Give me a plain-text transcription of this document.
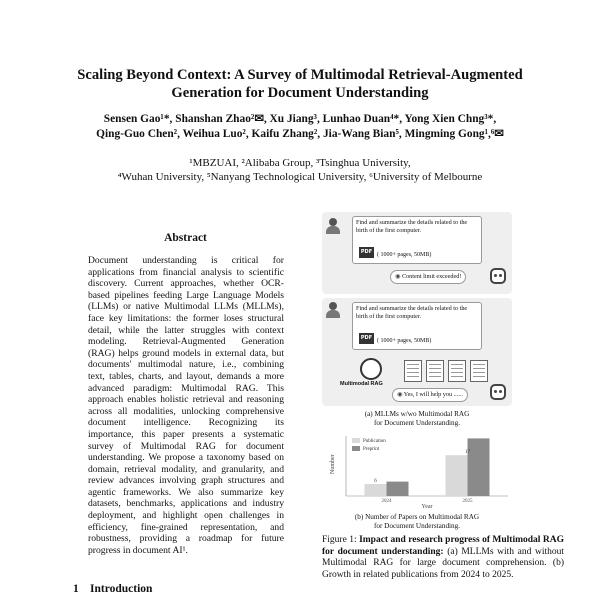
Scaling Beyond Context: A Survey of Multimodal Retrieval-Augmented
Generation for Document Understanding
Sensen Gao¹*, Shanshan Zhao²✉, Xu Jiang³, Lunhao Duan⁴*, Yong Xien Chng³*,
Qing-Guo Chen², Weihua Luo², Kaifu Zhang², Jia-Wang Bian⁵, Mingming Gong¹,⁶✉
¹MBZUAI, ²Alibaba Group, ³Tsinghua University,
⁴Wuhan University, ⁵Nanyang Technological University, ⁶University of Melbourne
Abstract
Document understanding is critical for applications from financial analysis to scientific discovery. Current approaches, whether OCR-based pipelines feeding Large Language Models (LLMs) or native Multimodal LLMs (MLLMs), face key limitations: the former loses structural detail, while the latter struggles with context modeling. Retrieval-Augmented Generation (RAG) helps ground models in external data, but documents' multimodal nature, i.e., combining text, tables, charts, and layout, demands a more advanced paradigm: Multimodal RAG. This approach enables holistic retrieval and reasoning across all modalities, unlocking comprehensive document intelligence. Recognizing its importance, this paper presents a systematic survey of Multimodal RAG for document understanding. We propose a taxonomy based on domain, retrieval modality, and granularity, and review advances involving graph structures and agentic frameworks. We also summarize key datasets, benchmarks, applications and industry deployment, and highlight open challenges in efficiency, fine-grained representation, and robustness, providing a roadmap for future progress in document AI¹.
1 Introduction
Find and summarize the details related to the birth of the first computer.
PDF ( 1000+ pages, 50MB)
◉ Content limit exceeded!
Find and summarize the details related to the birth of the first computer.
PDF ( 1000+ pages, 50MB)
Multimodal RAG
◉ Yes, I will help you ......
(a) MLLMs w/wo Multimodal RAG
for Document Understanding.
Number
Year
6
2024
17
2025
Publication
Preprint
(b) Number of Papers on Multimodal RAG
for Document Understanding.
Figure 1: Impact and research progress of Multimodal RAG for document understanding: (a) MLLMs with and without Multimodal RAG for large document comprehension. (b) Growth in related publications from 2024 to 2025.
